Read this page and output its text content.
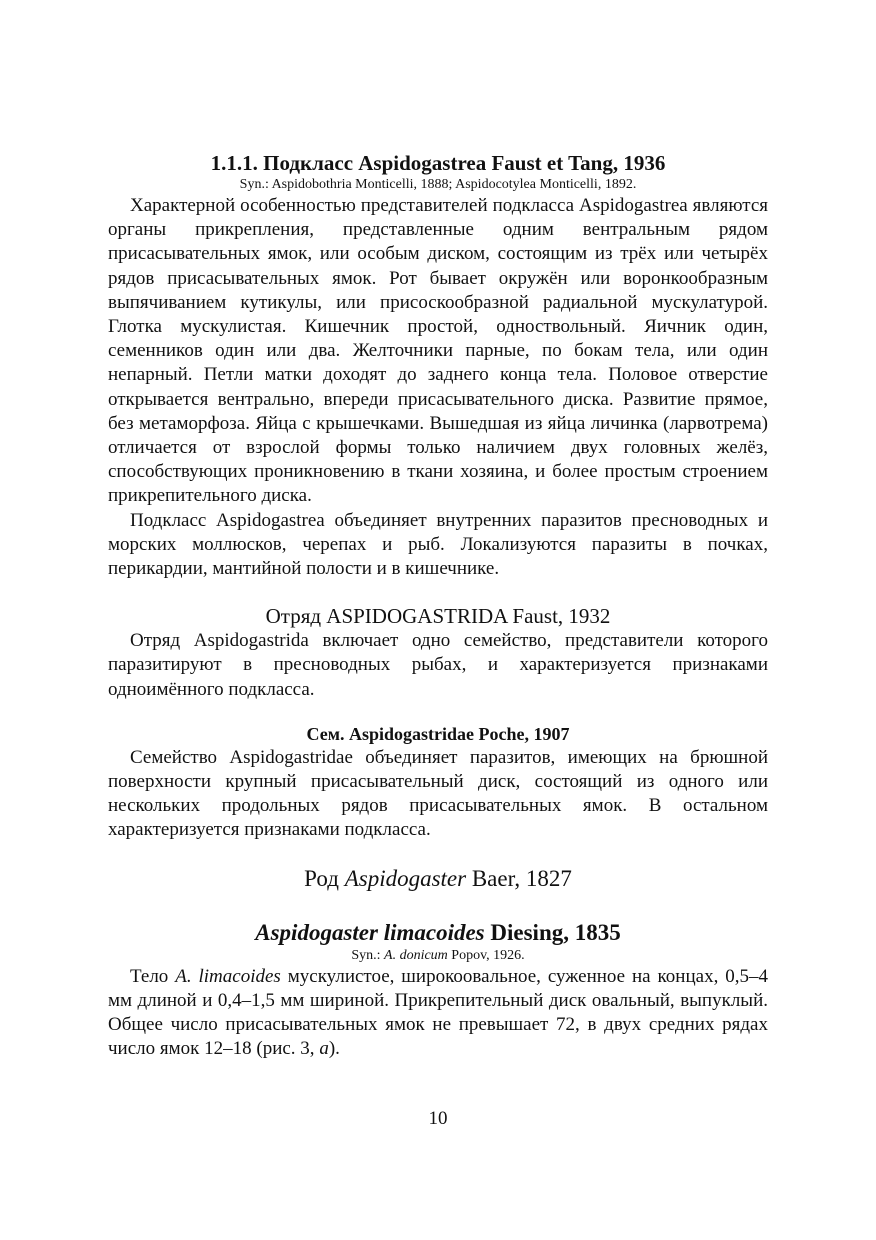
1.1.1. Подкласс Aspidogastrea Faust et Tang, 1936
Syn.: Aspidobothria Monticelli, 1888; Aspidocotylea Monticelli, 1892.

Характерной особенностью представителей подкласса Aspidogastrea являются органы прикрепления, представленные одним вентральным рядом присасывательных ямок, или особым диском, состоящим из трёх или четырёх рядов присасывательных ямок. Рот бывает окружён или воронкообразным выпячиванием кутикулы, или присоскообразной радиальной мускулатурой. Глотка мускулистая. Кишечник простой, одноствольный. Яичник один, семенников один или два. Желточники парные, по бокам тела, или один непарный. Петли матки доходят до заднего конца тела. Половое отверстие открывается вентрально, впереди присасывательного диска. Развитие прямое, без метаморфоза. Яйца с крышечками. Вышедшая из яйца личинка (ларвотрема) отличается от взрослой формы только наличием двух головных желёз, способствующих проникновению в ткани хозяина, и более простым строением прикрепительного диска.

Подкласс Aspidogastrea объединяет внутренних паразитов пресноводных и морских моллюсков, черепах и рыб. Локализуются паразиты в почках, перикардии, мантийной полости и в кишечнике.

Отряд ASPIDOGASTRIDA Faust, 1932

Отряд Aspidogastrida включает одно семейство, представители которого паразитируют в пресноводных рыбах, и характеризуется признаками одноимённого подкласса.

Сем. Aspidogastridae Poche, 1907

Семейство Aspidogastridae объединяет паразитов, имеющих на брюшной поверхности крупный присасывательный диск, состоящий из одного или нескольких продольных рядов присасывательных ямок. В остальном характеризуется признаками подкласса.

Род Aspidogaster Baer, 1827
Aspidogaster limacoides Diesing, 1835
Syn.: A. donicum Popov, 1926.

Тело A. limacoides мускулистое, широкоовальное, суженное на концах, 0,5–4 мм длиной и 0,4–1,5 мм шириной. Прикрепительный диск овальный, выпуклый. Общее число присасывательных ямок не превышает 72, в двух средних рядах число ямок 12–18 (рис. 3, а).

10
